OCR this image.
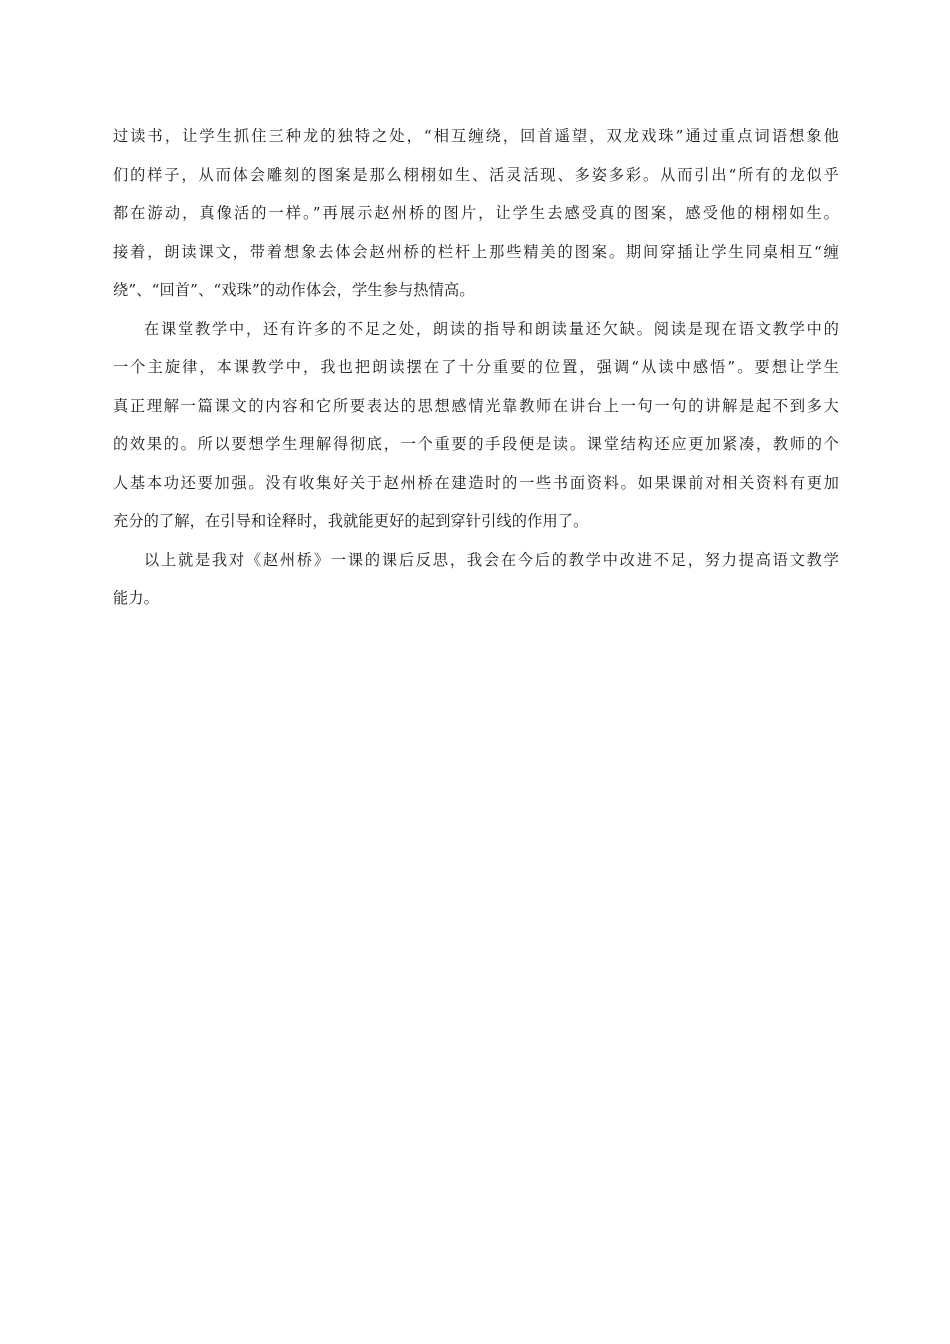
过读书，让学生抓住三种龙的独特之处，“相互缠绕，回首遥望，双龙戏珠”通过重点词语想象他
们的样子，从而体会雕刻的图案是那么栩栩如生、活灵活现、多姿多彩。从而引出“所有的龙似乎
都在游动，真像活的一样。”再展示赵州桥的图片，让学生去感受真的图案，感受他的栩栩如生。
接着，朗读课文，带着想象去体会赵州桥的栏杆上那些精美的图案。期间穿插让学生同桌相互“缠
绕”、“回首”、“戏珠”的动作体会，学生参与热情高。
在课堂教学中，还有许多的不足之处，朗读的指导和朗读量还欠缺。阅读是现在语文教学中的
一个主旋律，本课教学中，我也把朗读摆在了十分重要的位置，强调“从读中感悟”。要想让学生
真正理解一篇课文的内容和它所要表达的思想感情光靠教师在讲台上一句一句的讲解是起不到多大
的效果的。所以要想学生理解得彻底，一个重要的手段便是读。课堂结构还应更加紧凑，教师的个
人基本功还要加强。没有收集好关于赵州桥在建造时的一些书面资料。如果课前对相关资料有更加
充分的了解，在引导和诠释时，我就能更好的起到穿针引线的作用了。
以上就是我对《赵州桥》一课的课后反思，我会在今后的教学中改进不足，努力提高语文教学
能力。
